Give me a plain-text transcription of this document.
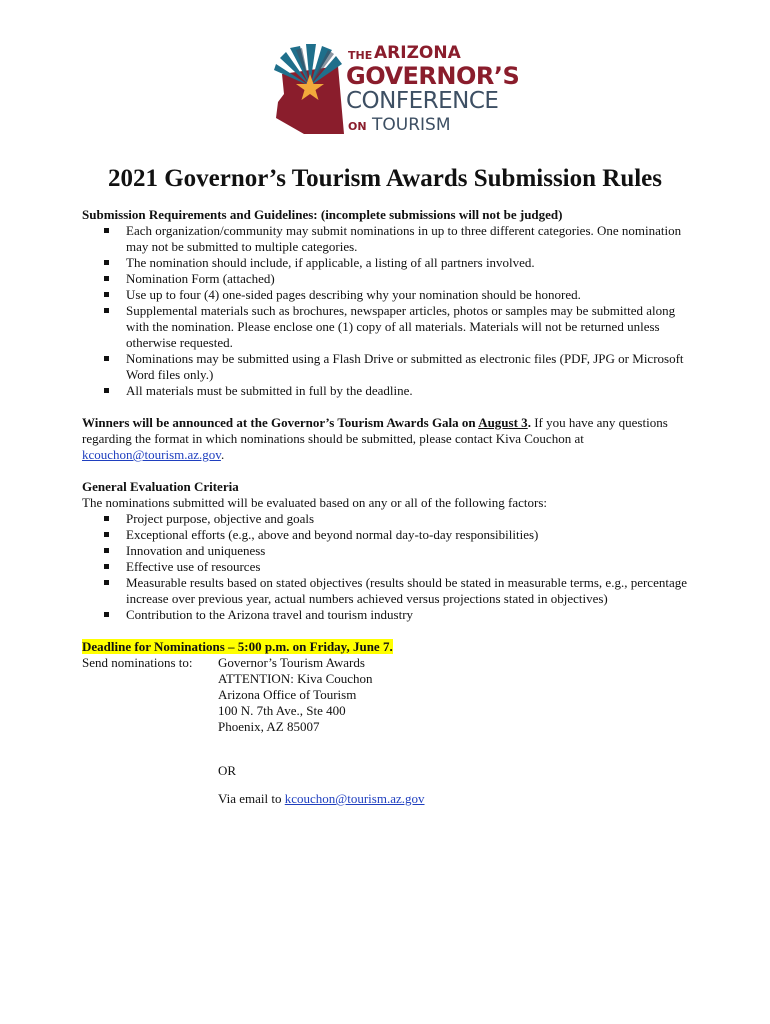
THE ARIZONA
GOVERNOR’S
CONFERENCE
ON TOURISM
2021 Governor’s Tourism Awards Submission Rules

Submission Requirements and Guidelines: (incomplete submissions will not be judged)

Each organization/community may submit nominations in up to three different categories. One nomination may not be submitted to multiple categories.
The nomination should include, if applicable, a listing of all partners involved.
Nomination Form (attached)
Use up to four (4) one-sided pages describing why your nomination should be honored.
Supplemental materials such as brochures, newspaper articles, photos or samples may be submitted along with the nomination. Please enclose one (1) copy of all materials. Materials will not be returned unless otherwise requested.
Nominations may be submitted using a Flash Drive or submitted as electronic files (PDF, JPG or Microsoft Word files only.)
All materials must be submitted in full by the deadline.

Winners will be announced at the Governor’s Tourism Awards Gala on August 3. If you have any questions regarding the format in which nominations should be submitted, please contact Kiva Couchon at kcouchon@tourism.az.gov.

General Evaluation Criteria

The nominations submitted will be evaluated based on any or all of the following factors:

Project purpose, objective and goals
Exceptional efforts (e.g., above and beyond normal day-to-day responsibilities)
Innovation and uniqueness
Effective use of resources
Measurable results based on stated objectives (results should be stated in measurable terms, e.g., percentage increase over previous year, actual numbers achieved versus projections stated in objectives)
Contribution to the Arizona travel and tourism industry

Deadline for Nominations – 5:00 p.m. on Friday, June 7.

Send nominations to: Governor’s Tourism Awards
ATTENTION: Kiva Couchon
Arizona Office of Tourism
100 N. 7th Ave., Ste 400
Phoenix, AZ 85007

OR

Via email to kcouchon@tourism.az.gov
